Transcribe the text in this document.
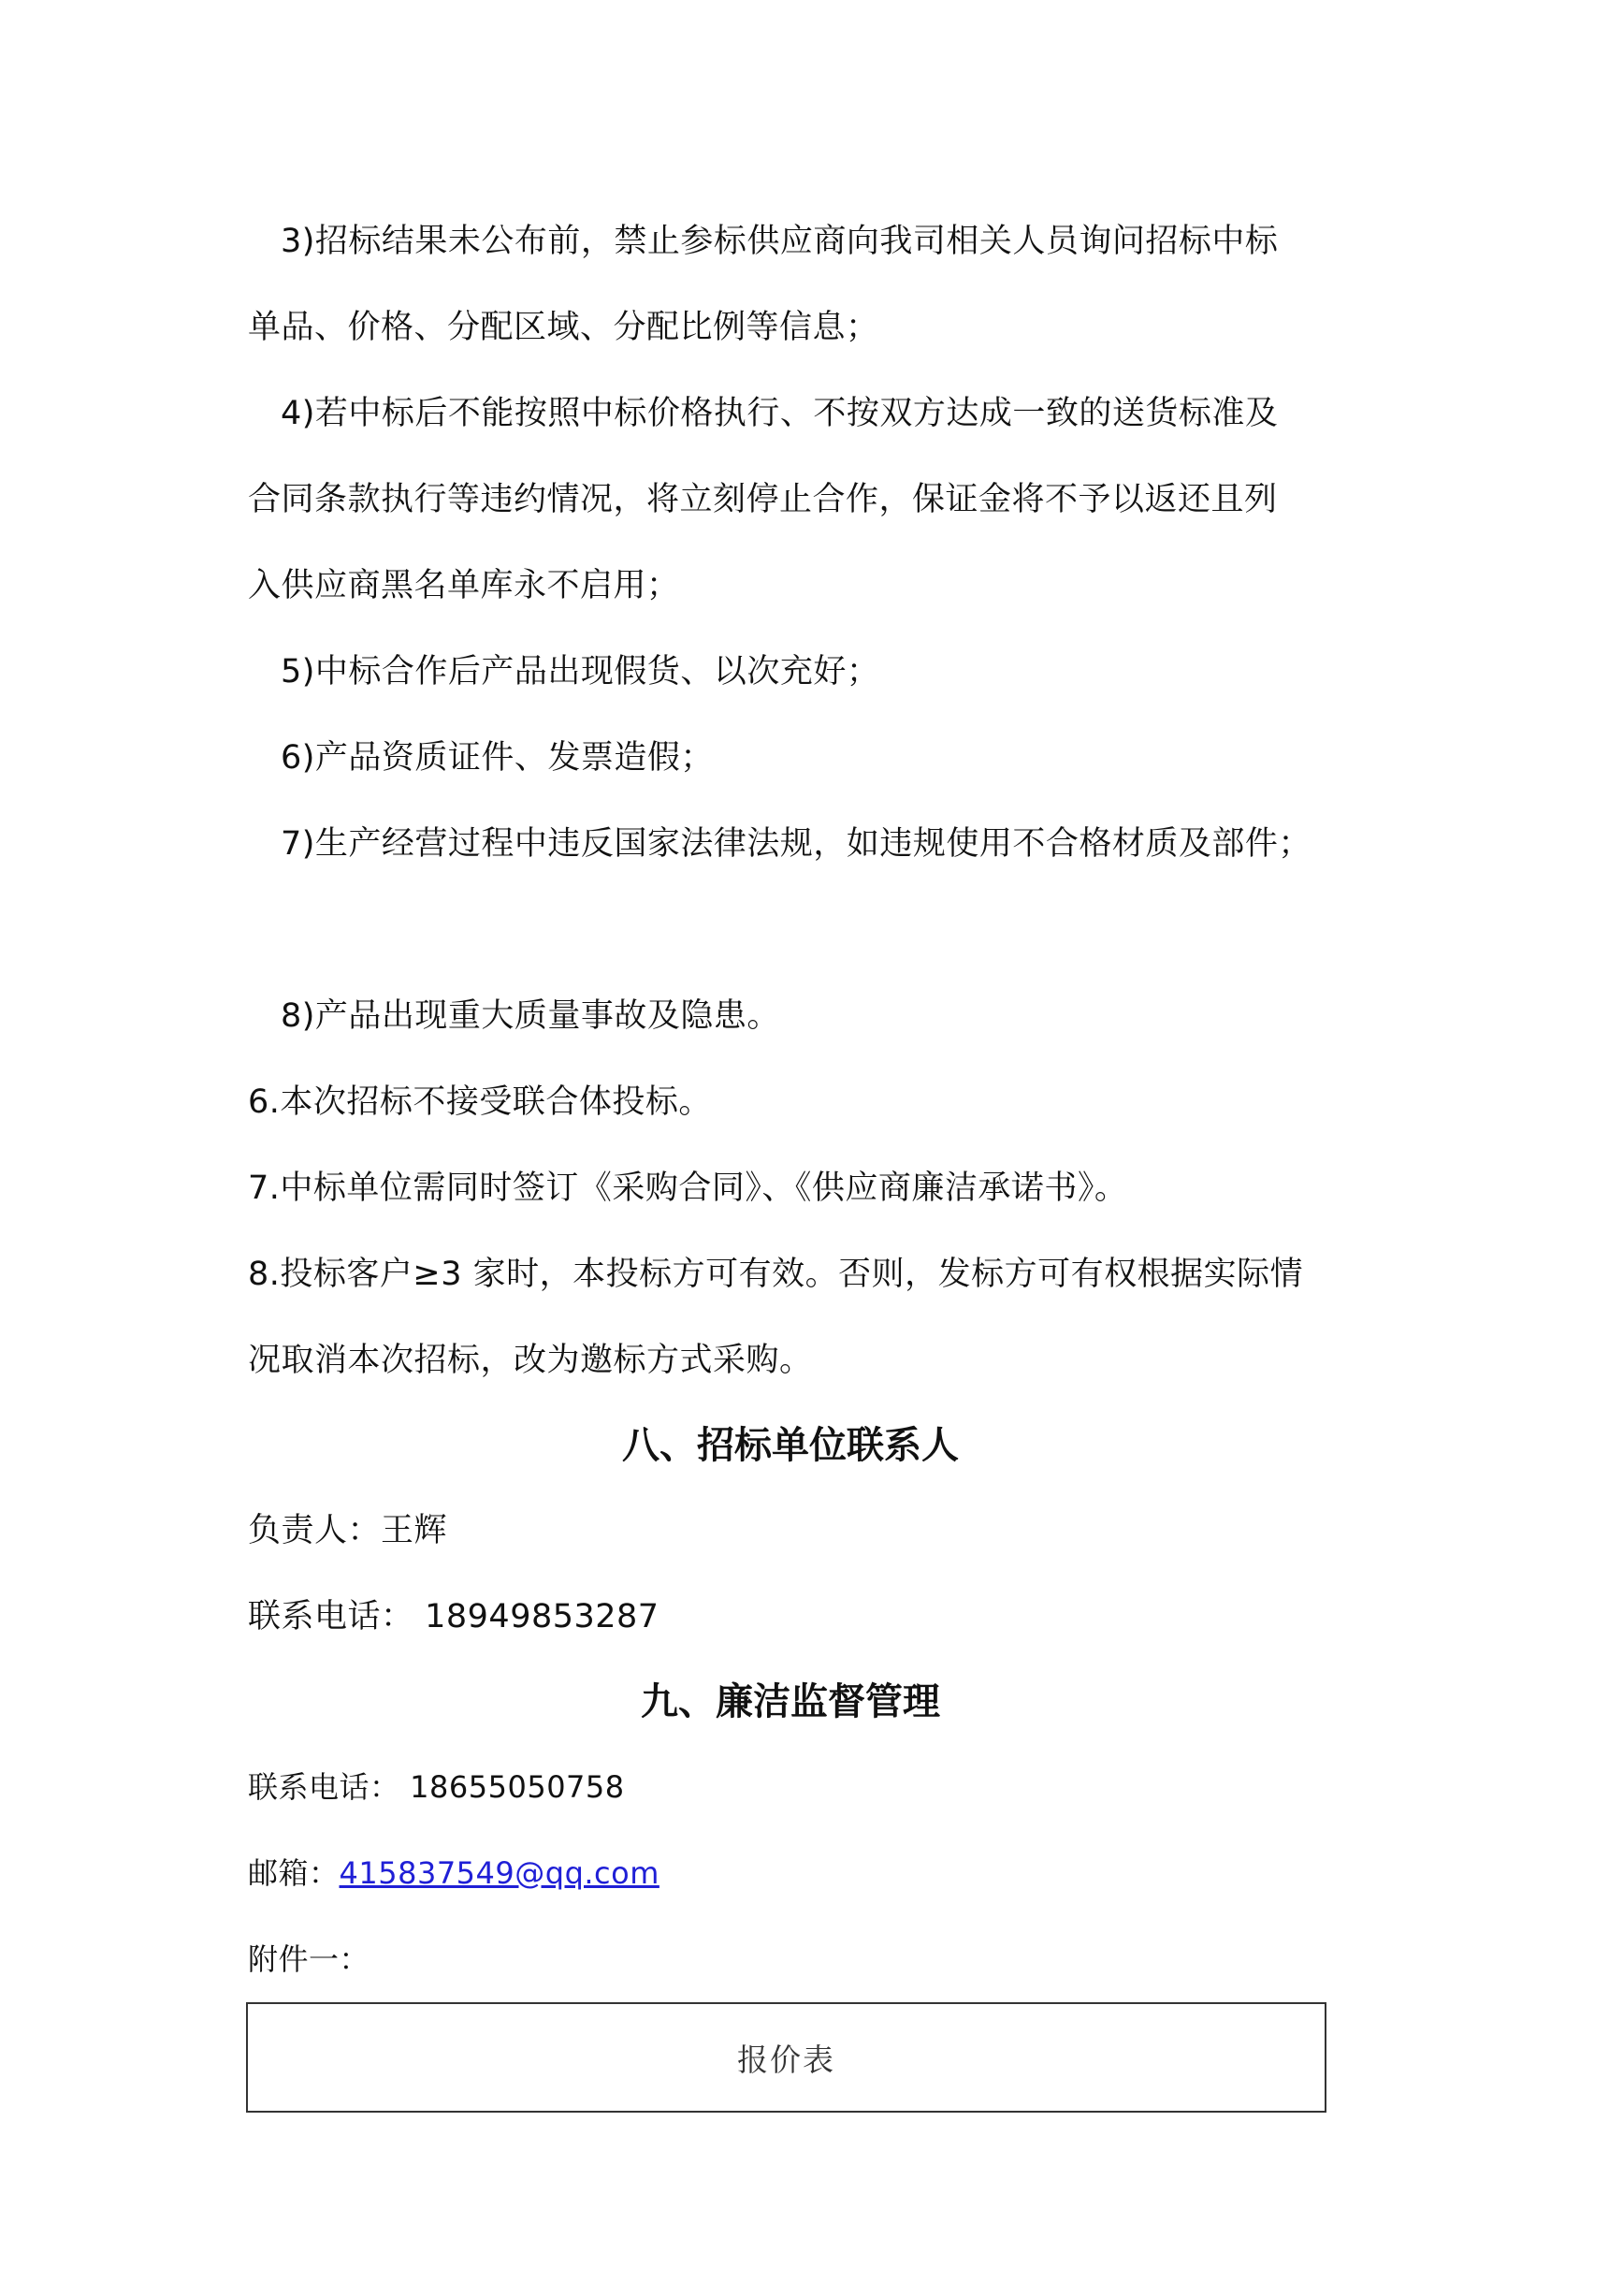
3)招标结果未公布前，禁止参标供应商向我司相关人员询问招标中标
单品、价格、分配区域、分配比例等信息；
4)若中标后不能按照中标价格执行、不按双方达成一致的送货标准及
合同条款执行等违约情况，将立刻停止合作，保证金将不予以返还且列
入供应商黑名单库永不启用；
5)中标合作后产品出现假货、以次充好；
6)产品资质证件、发票造假；
7)生产经营过程中违反国家法律法规，如违规使用不合格材质及部件；
8)产品出现重大质量事故及隐患。
6.本次招标不接受联合体投标。
7.中标单位需同时签订《采购合同》、《供应商廉洁承诺书》。
8.投标客户≥3 家时，本投标方可有效。否则，发标方可有权根据实际情
况取消本次招标，改为邀标方式采购。
八、招标单位联系人
负责人：王辉
联系电话： 18949853287
九、廉洁监督管理
联系电话： 18655050758
邮箱：415837549@qq.com
附件一：
报价表
